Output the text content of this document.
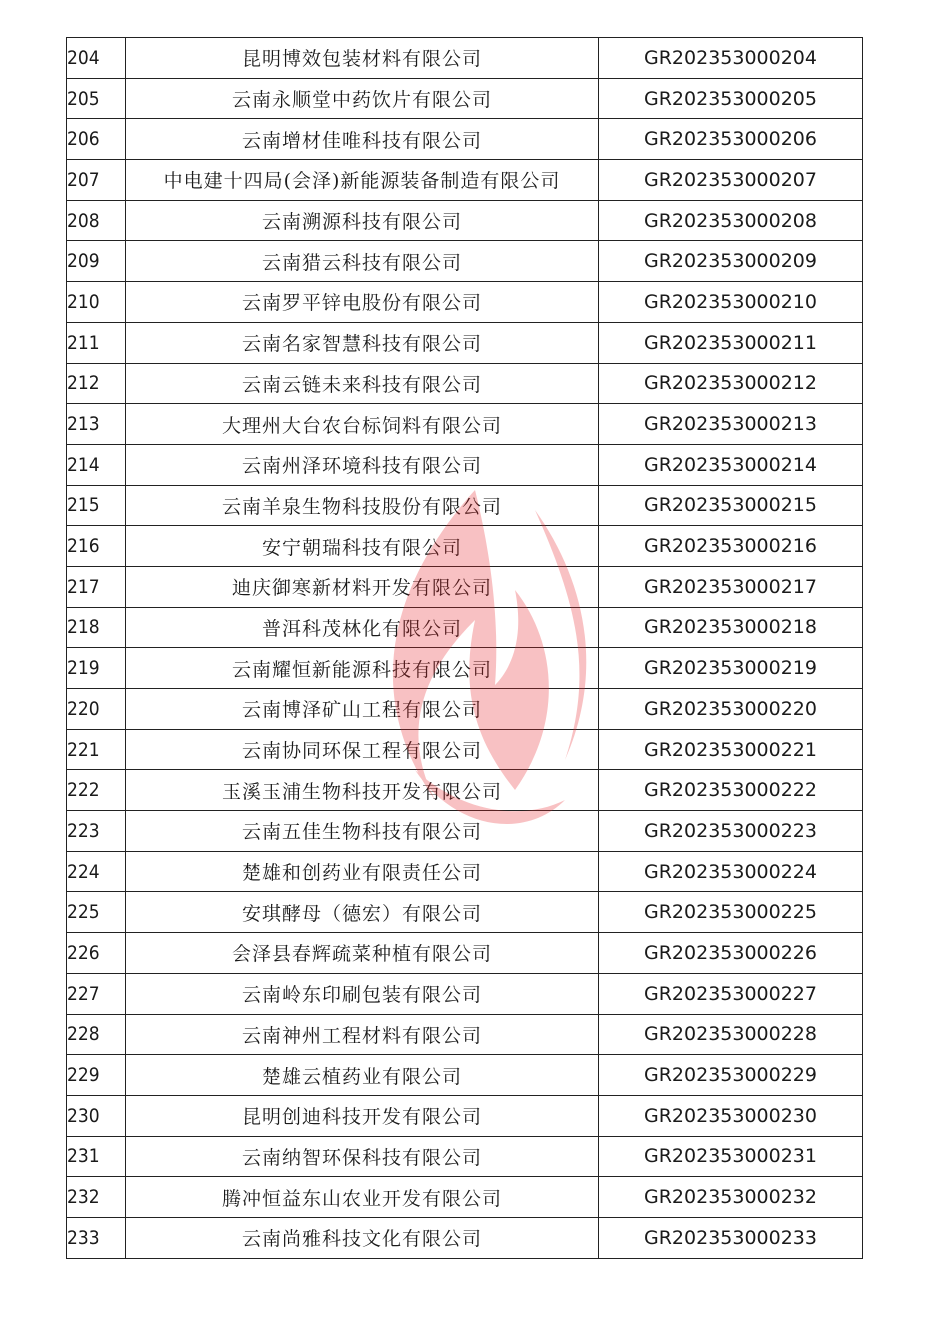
204	昆明博效包装材料有限公司	GR202353000204
205	云南永顺堂中药饮片有限公司	GR202353000205
206	云南增材佳唯科技有限公司	GR202353000206
207	中电建十四局(会泽)新能源装备制造有限公司	GR202353000207
208	云南溯源科技有限公司	GR202353000208
209	云南猎云科技有限公司	GR202353000209
210	云南罗平锌电股份有限公司	GR202353000210
211	云南名家智慧科技有限公司	GR202353000211
212	云南云链未来科技有限公司	GR202353000212
213	大理州大台农台标饲料有限公司	GR202353000213
214	云南州泽环境科技有限公司	GR202353000214
215	云南羊泉生物科技股份有限公司	GR202353000215
216	安宁朝瑞科技有限公司	GR202353000216
217	迪庆御寒新材料开发有限公司	GR202353000217
218	普洱科茂林化有限公司	GR202353000218
219	云南耀恒新能源科技有限公司	GR202353000219
220	云南博泽矿山工程有限公司	GR202353000220
221	云南协同环保工程有限公司	GR202353000221
222	玉溪玉浦生物科技开发有限公司	GR202353000222
223	云南五佳生物科技有限公司	GR202353000223
224	楚雄和创药业有限责任公司	GR202353000224
225	安琪酵母（德宏）有限公司	GR202353000225
226	会泽县春辉疏菜种植有限公司	GR202353000226
227	云南岭东印刷包装有限公司	GR202353000227
228	云南神州工程材料有限公司	GR202353000228
229	楚雄云植药业有限公司	GR202353000229
230	昆明创迪科技开发有限公司	GR202353000230
231	云南纳智环保科技有限公司	GR202353000231
232	腾冲恒益东山农业开发有限公司	GR202353000232
233	云南尚雅科技文化有限公司	GR202353000233
